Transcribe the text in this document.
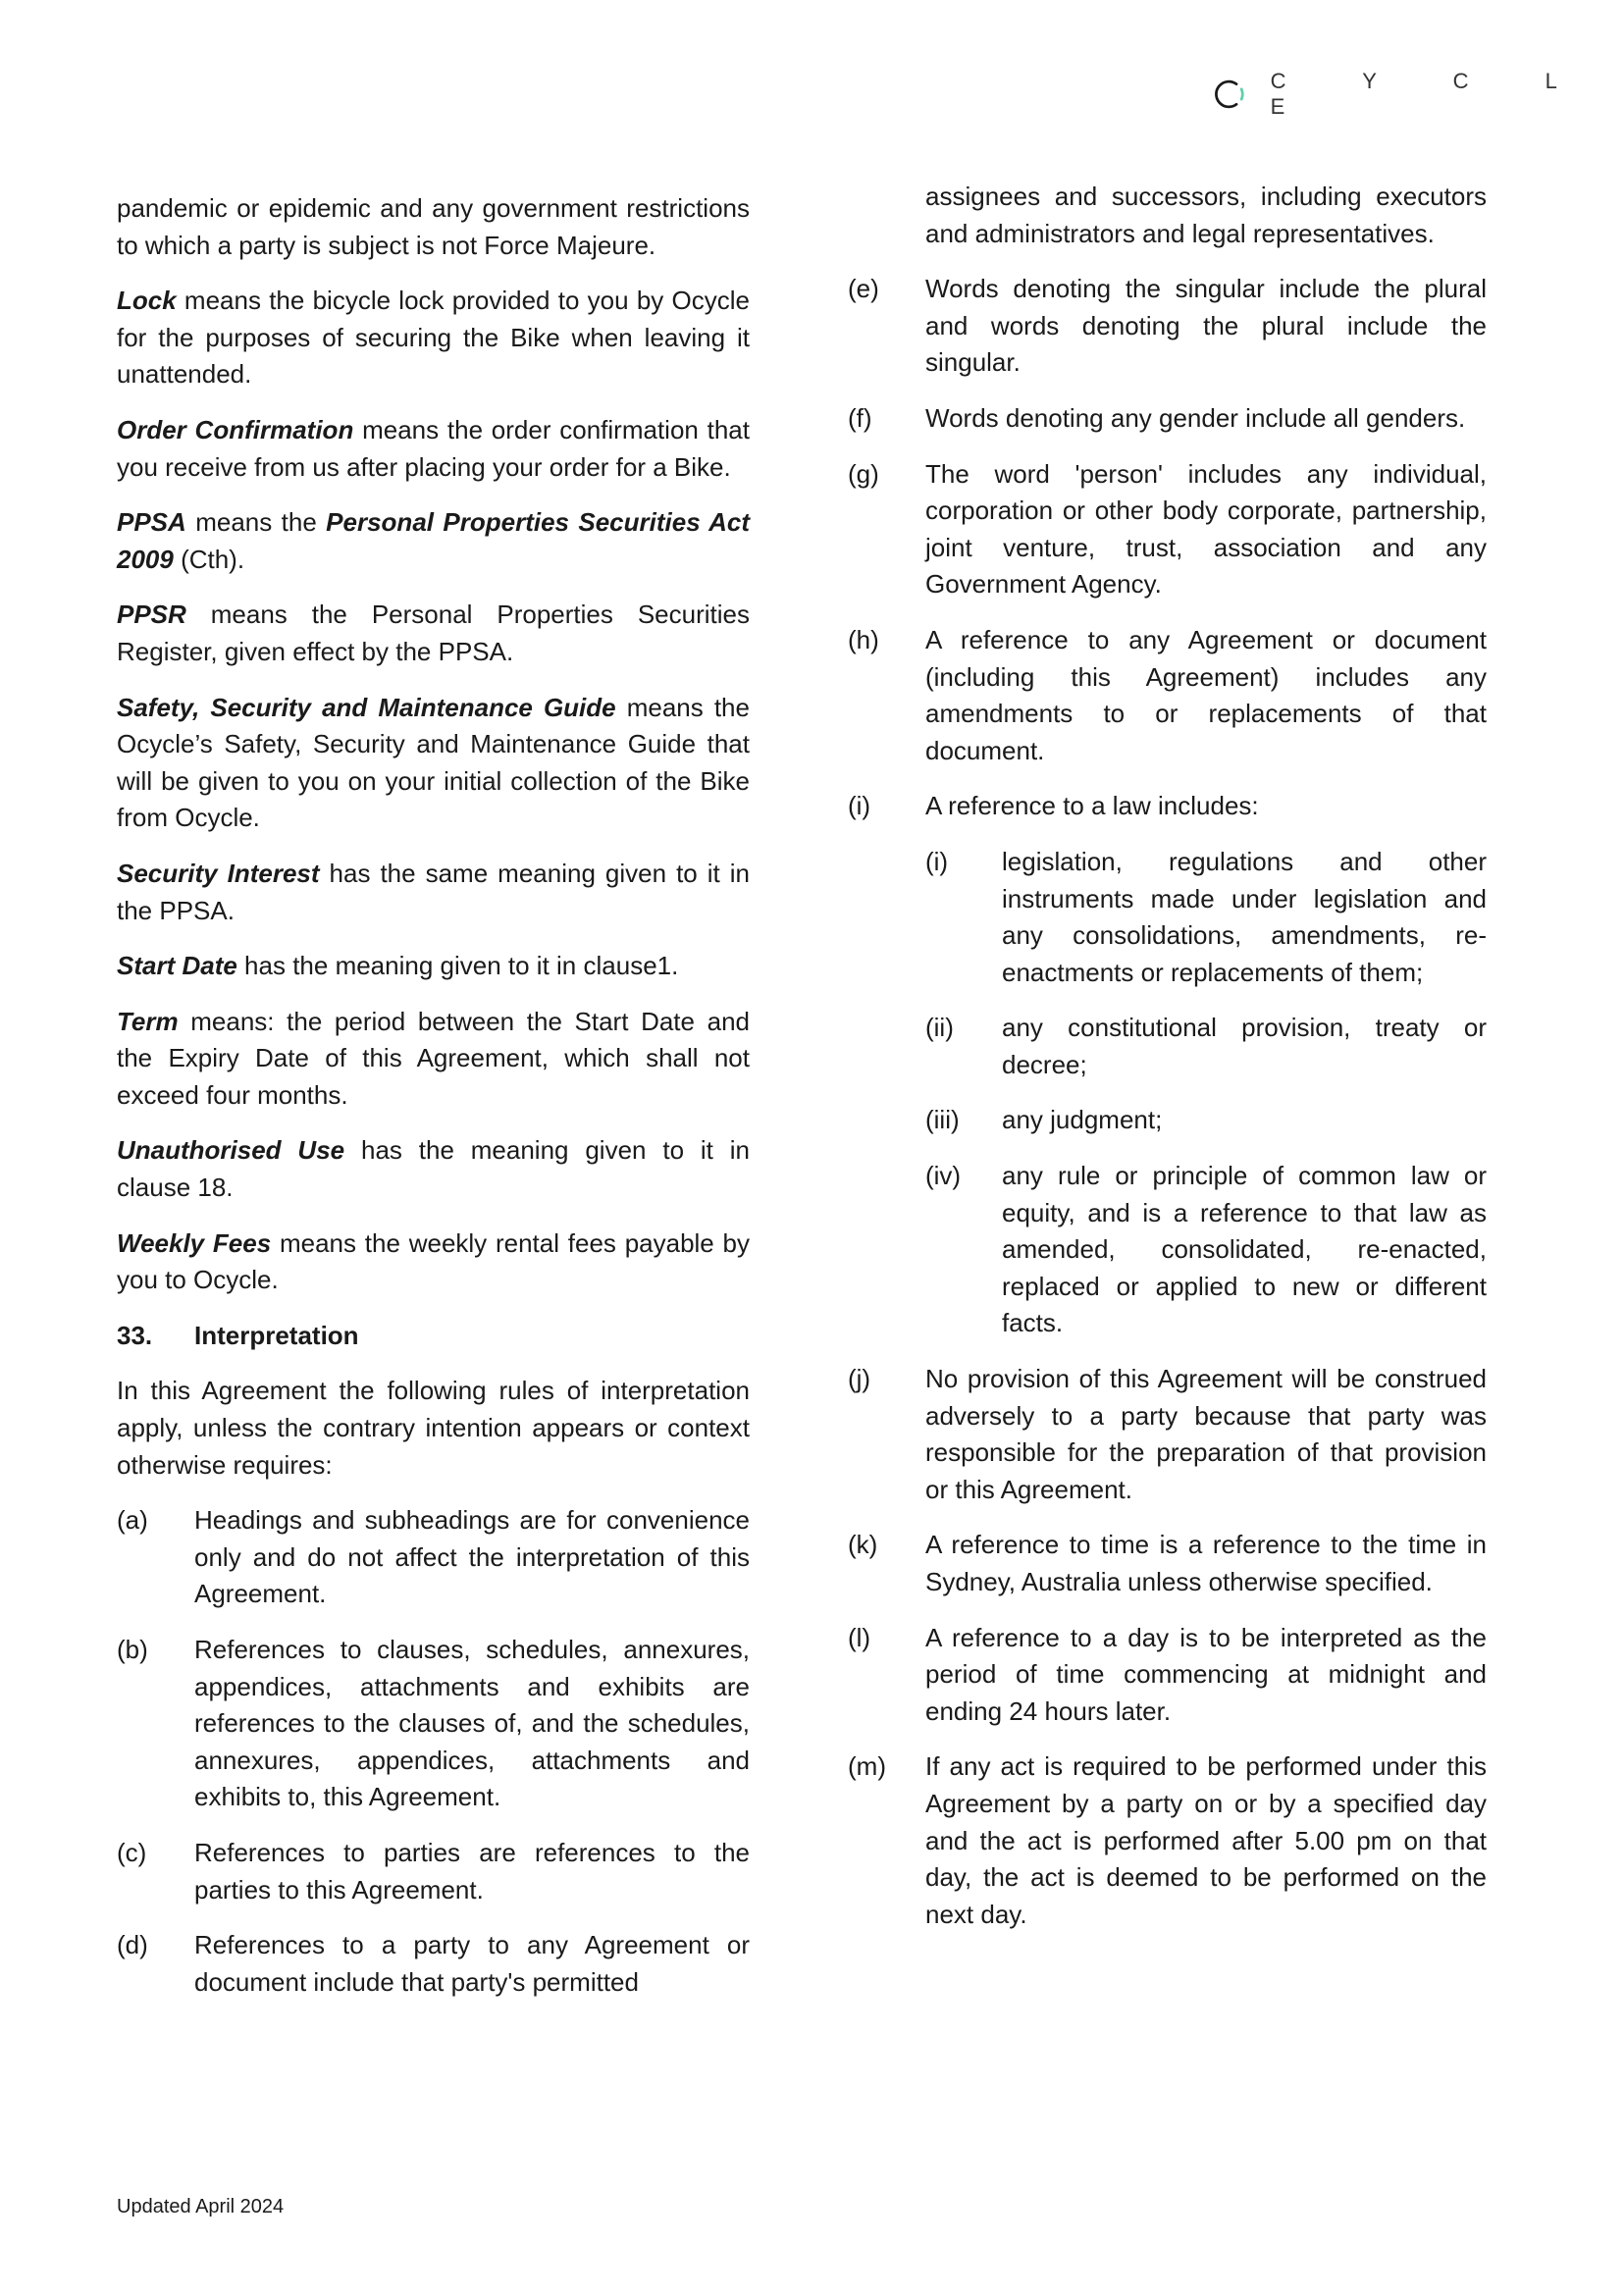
C Y C L E

pandemic or epidemic and any government restrictions to which a party is subject is not Force Majeure.

Lock means the bicycle lock provided to you by Ocycle for the purposes of securing the Bike when leaving it unattended.

Order Confirmation means the order confirmation that you receive from us after placing your order for a Bike.

PPSA means the Personal Properties Securities Act 2009 (Cth).

PPSR means the Personal Properties Securities Register, given effect by the PPSA.

Safety, Security and Maintenance Guide means the Ocycle’s Safety, Security and Maintenance Guide that will be given to you on your initial collection of the Bike from Ocycle.

Security Interest has the same meaning given to it in the PPSA.

Start Date has the meaning given to it in clause1.

Term means: the period between the Start Date and the Expiry Date of this Agreement, which shall not exceed four months.

Unauthorised Use has the meaning given to it in clause 18.

Weekly Fees means the weekly rental fees payable by you to Ocycle.

33.	Interpretation

In this Agreement the following rules of interpretation apply, unless the contrary intention appears or context otherwise requires:

(a)	Headings and subheadings are for convenience only and do not affect the interpretation of this Agreement.
(b)	References to clauses, schedules, annexures, appendices, attachments and exhibits are references to the clauses of, and the schedules, annexures, appendices, attachments and exhibits to, this Agreement.
(c)	References to parties are references to the parties to this Agreement.
(d)	References to a party to any Agreement or document include that party's permitted
assignees and successors, including executors and administrators and legal representatives.
(e)	Words denoting the singular include the plural and words denoting the plural include the singular.
(f)	Words denoting any gender include all genders.
(g)	The word 'person' includes any individual, corporation or other body corporate, partnership, joint venture, trust, association and any Government Agency.
(h)	A reference to any Agreement or document (including this Agreement) includes any amendments to or replacements of that document.
(i)	A reference to a law includes:
(i)	legislation, regulations and other instruments made under legislation and any consolidations, amendments, re-enactments or replacements of them;
(ii)	any constitutional provision, treaty or decree;
(iii)	any judgment;
(iv)	any rule or principle of common law or equity, and is a reference to that law as amended, consolidated, re-enacted, replaced or applied to new or different facts.
(j)	No provision of this Agreement will be construed adversely to a party because that party was responsible for the preparation of that provision or this Agreement.
(k)	A reference to time is a reference to the time in Sydney, Australia unless otherwise specified.
(l)	A reference to a day is to be interpreted as the period of time commencing at midnight and ending 24 hours later.
(m)	If any act is required to be performed under this Agreement by a party on or by a specified day and the act is performed after 5.00 pm on that day, the act is deemed to be performed on the next day.
Updated April 2024
